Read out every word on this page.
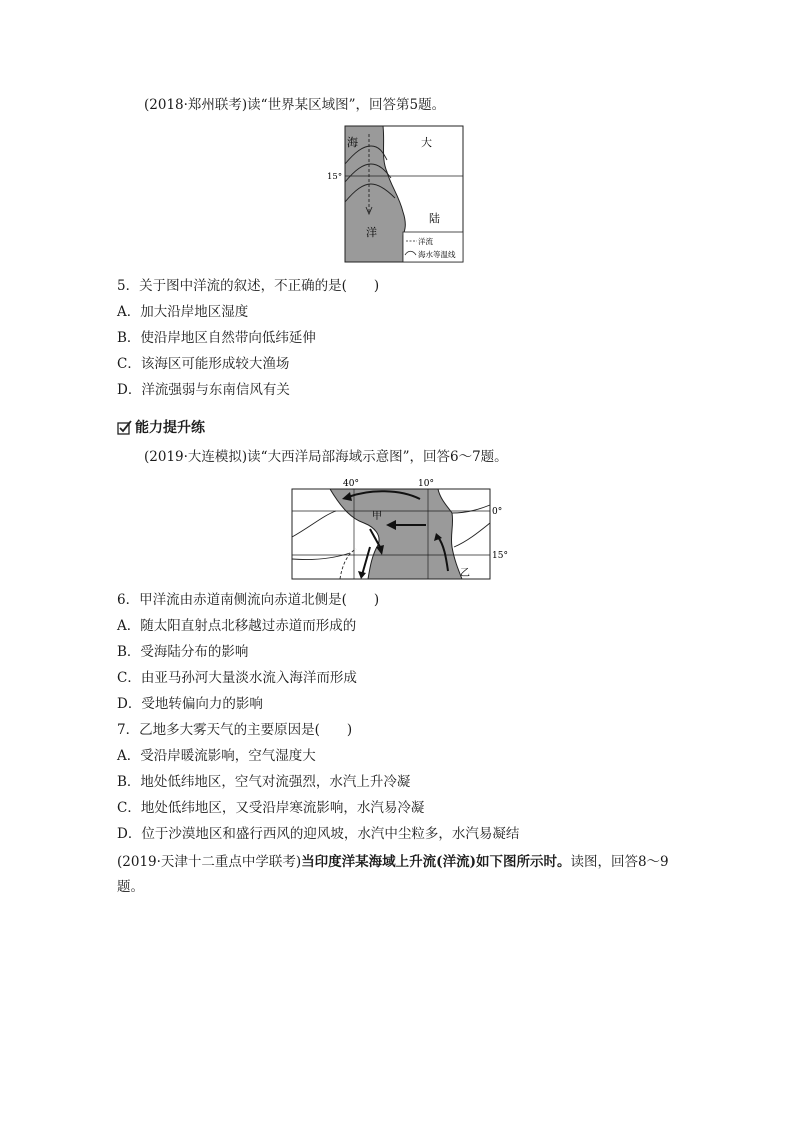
(2018·郑州联考)读“世界某区域图”，回答第5题。
海
洋
大
陆
15°
洋流
海水等温线
5．关于图中洋流的叙述，不正确的是(　　)
A．加大沿岸地区湿度
B．使沿岸地区自然带向低纬延伸
C．该海区可能形成较大渔场
D．洋流强弱与东南信风有关
能力提升练
(2019·大连模拟)读“大西洋局部海域示意图”，回答6～7题。
40°	10°
0°
15°
甲
乙
6．甲洋流由赤道南侧流向赤道北侧是(　　)
A．随太阳直射点北移越过赤道而形成的
B．受海陆分布的影响
C．由亚马孙河大量淡水流入海洋而形成
D．受地转偏向力的影响
7．乙地多大雾天气的主要原因是(　　)
A．受沿岸暖流影响，空气湿度大
B．地处低纬地区，空气对流强烈，水汽上升冷凝
C．地处低纬地区，又受沿岸寒流影响，水汽易冷凝
D．位于沙漠地区和盛行西风的迎风坡，水汽中尘粒多，水汽易凝结
(2019·天津十二重点中学联考)当印度洋某海域上升流(洋流)如下图所示时。读图，回答8～9
题。
